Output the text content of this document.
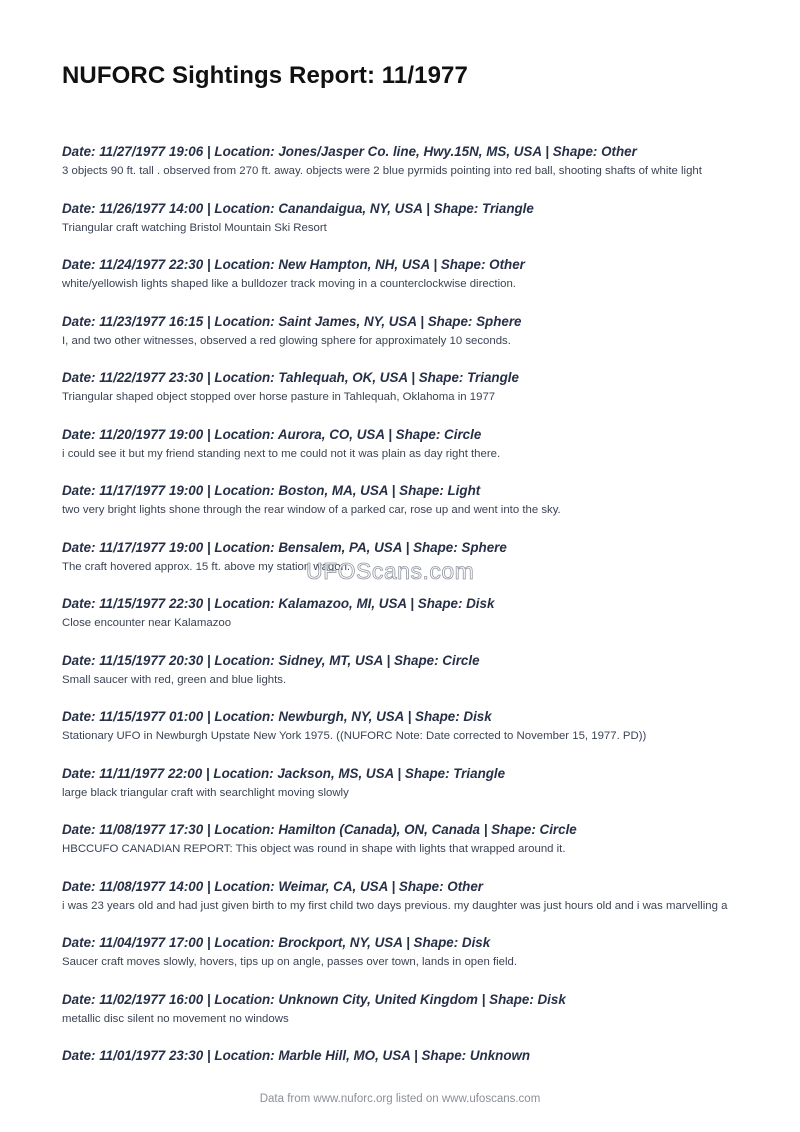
NUFORC Sightings Report: 11/1977

Date: 11/27/1977 19:06 | Location: Jones/Jasper Co. line, Hwy.15N, MS, USA | Shape: Other

3 objects 90 ft. tall . observed from 270 ft. away. objects were 2 blue pyrmids pointing into red ball, shooting shafts of white light

Date: 11/26/1977 14:00 | Location: Canandaigua, NY, USA | Shape: Triangle

Triangular craft watching Bristol Mountain Ski Resort

Date: 11/24/1977 22:30 | Location: New Hampton, NH, USA | Shape: Other

white/yellowish lights shaped like a bulldozer track moving in a counterclockwise direction.

Date: 11/23/1977 16:15 | Location: Saint James, NY, USA | Shape: Sphere

I, and two other witnesses, observed a red glowing sphere for approximately 10 seconds.

Date: 11/22/1977 23:30 | Location: Tahlequah, OK, USA | Shape: Triangle

Triangular shaped object stopped over horse pasture in Tahlequah, Oklahoma in 1977

Date: 11/20/1977 19:00 | Location: Aurora, CO, USA | Shape: Circle

i could see it but my friend standing next to me could not it was plain as day right there.

Date: 11/17/1977 19:00 | Location: Boston, MA, USA | Shape: Light

two very bright lights shone through the rear window of a parked car, rose up and went into the sky.

Date: 11/17/1977 19:00 | Location: Bensalem, PA, USA | Shape: Sphere

The craft hovered approx. 15 ft. above my station wagon.

Date: 11/15/1977 22:30 | Location: Kalamazoo, MI, USA | Shape: Disk

Close encounter near Kalamazoo

Date: 11/15/1977 20:30 | Location: Sidney, MT, USA | Shape: Circle

Small saucer with red, green and blue lights.

Date: 11/15/1977 01:00 | Location: Newburgh, NY, USA | Shape: Disk

Stationary UFO in Newburgh Upstate New York 1975. ((NUFORC Note: Date corrected to November 15, 1977. PD))

Date: 11/11/1977 22:00 | Location: Jackson, MS, USA | Shape: Triangle

large black triangular craft with searchlight moving slowly

Date: 11/08/1977 17:30 | Location: Hamilton (Canada), ON, Canada | Shape: Circle

HBCCUFO CANADIAN REPORT: This object was round in shape with lights that wrapped around it.

Date: 11/08/1977 14:00 | Location: Weimar, CA, USA | Shape: Other

i was 23 years old and had just given birth to my first child two days previous. my daughter was just hours old and i was marvelling a

Date: 11/04/1977 17:00 | Location: Brockport, NY, USA | Shape: Disk

Saucer craft moves slowly, hovers, tips up on angle, passes over town, lands in open field.

Date: 11/02/1977 16:00 | Location: Unknown City, United Kingdom | Shape: Disk

metallic disc silent no movement no windows

Date: 11/01/1977 23:30 | Location: Marble Hill, MO, USA | Shape: Unknown

UFOScans.com
Data from www.nuforc.org listed on www.ufoscans.com
